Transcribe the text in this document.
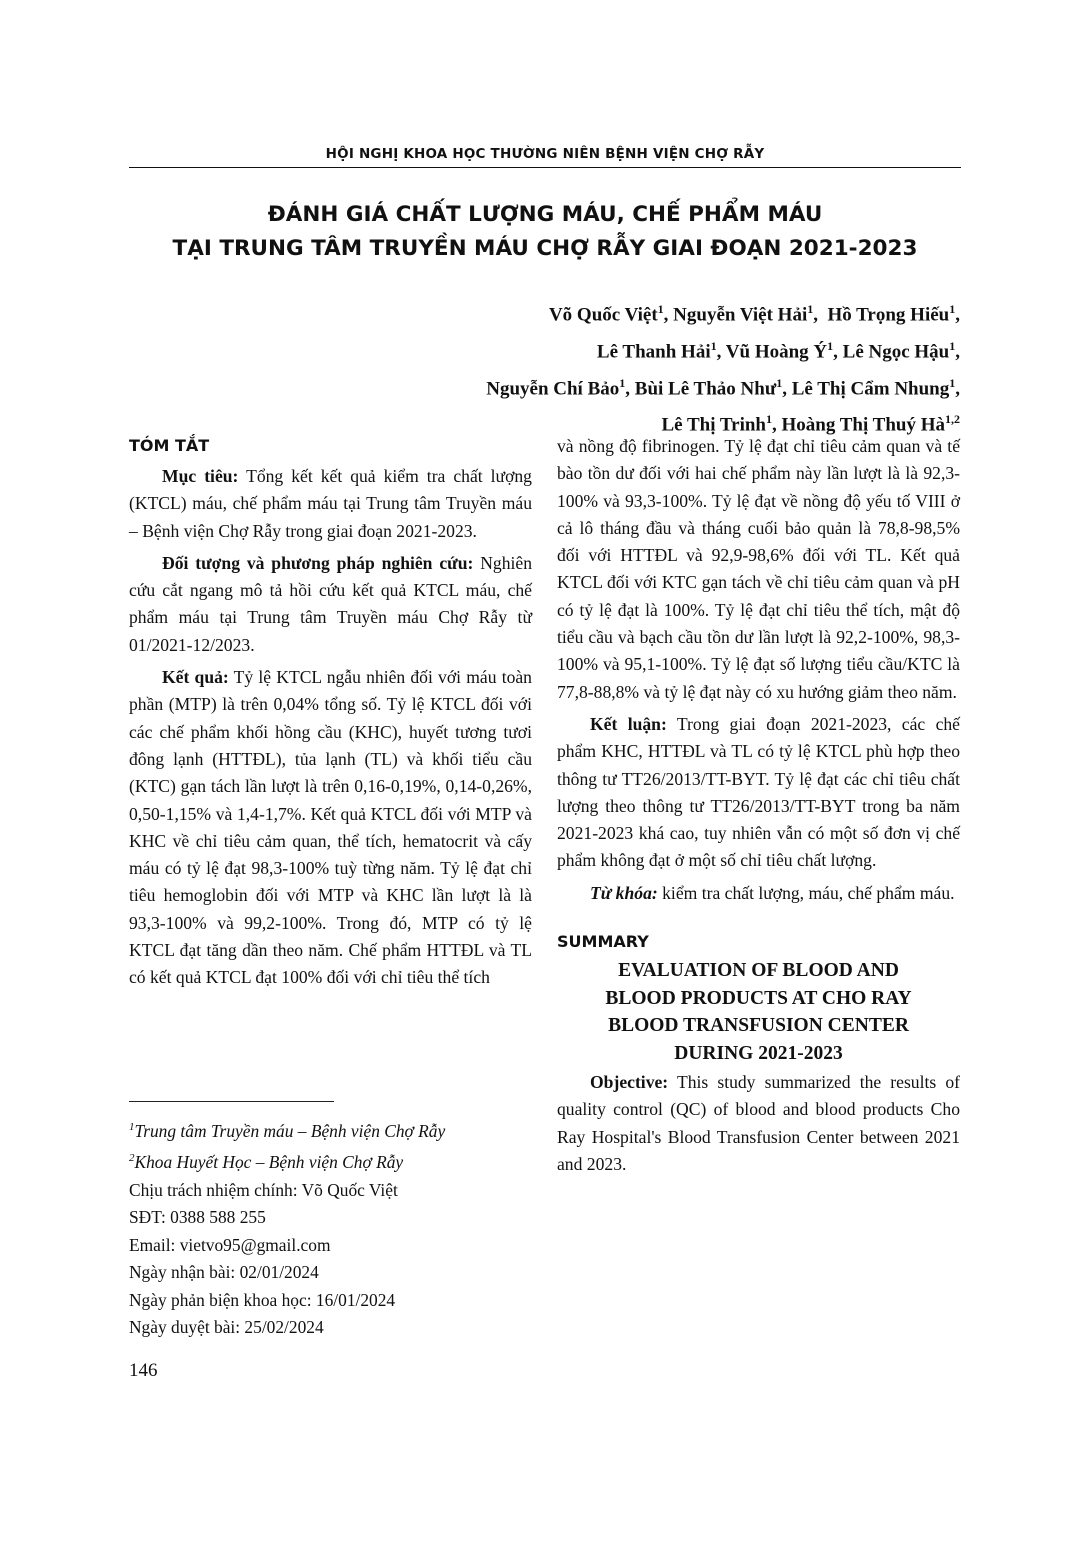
HỘI NGHỊ KHOA HỌC THƯỜNG NIÊN BỆNH VIỆN CHỢ RẪY
ĐÁNH GIÁ CHẤT LƯỢNG MÁU, CHẾ PHẨM MÁU
TẠI TRUNG TÂM TRUYỀN MÁU CHỢ RẪY GIAI ĐOẠN 2021-2023
Võ Quốc Việt$^1$, Nguyễn Việt Hải$^1$,  Hồ Trọng Hiếu$^1$,
Lê Thanh Hải$^1$, Vũ Hoàng $Ý^1$, Lê Ngọc Hậu$^1$,
Nguyễn Chí Bảo$^1$, Bùi Lê Thảo Như$^1$, Lê Thị Cẩm Nhung$^1$,
Lê Thị Trinh$^1$, Hoàng Thị Thuý Hà$^{1,2}$
TÓM TẮT

Mục tiêu: Tổng kết kết quả kiểm tra chất lượng (KTCL) máu, chế phẩm máu tại Trung tâm Truyền máu – Bệnh viện Chợ Rẫy trong giai đoạn 2021-2023.

Đối tượng và phương pháp nghiên cứu: Nghiên cứu cắt ngang mô tả hồi cứu kết quả KTCL máu, chế phẩm máu tại Trung tâm Truyền máu Chợ Rẫy từ 01/2021-12/2023.

Kết quả: Tỷ lệ KTCL ngẫu nhiên đối với máu toàn phần (MTP) là trên 0,04% tổng số. Tỷ lệ KTCL đối với các chế phẩm khối hồng cầu (KHC), huyết tương tươi đông lạnh (HTTĐL), tủa lạnh (TL) và khối tiểu cầu (KTC) gạn tách lần lượt là trên 0,16-0,19%, 0,14-0,26%, 0,50-1,15% và 1,4-1,7%. Kết quả KTCL đối với MTP và KHC về chỉ tiêu cảm quan, thể tích, hematocrit và cấy máu có tỷ lệ đạt 98,3-100% tuỳ từng năm. Tỷ lệ đạt chỉ tiêu hemoglobin đối với MTP và KHC lần lượt là là 93,3-100% và 99,2-100%. Trong đó, MTP có tỷ lệ KTCL đạt tăng dần theo năm. Chế phẩm HTTĐL và TL có kết quả KTCL đạt 100% đối với chỉ tiêu thể tích

và nồng độ fibrinogen. Tỷ lệ đạt chỉ tiêu cảm quan và tế bào tồn dư đối với hai chế phẩm này lần lượt là là 92,3-100% và 93,3-100%. Tỷ lệ đạt về nồng độ yếu tố VIII ở cả lô tháng đầu và tháng cuối bảo quản là 78,8-98,5% đối với HTTĐL và 92,9-98,6% đối với TL. Kết quả KTCL đối với KTC gạn tách về chỉ tiêu cảm quan và pH có tỷ lệ đạt là 100%. Tỷ lệ đạt chỉ tiêu thể tích, mật độ tiểu cầu và bạch cầu tồn dư lần lượt là 92,2-100%, 98,3-100% và 95,1-100%. Tỷ lệ đạt số lượng tiểu cầu/KTC là 77,8-88,8% và tỷ lệ đạt này có xu hướng giảm theo năm.

Kết luận: Trong giai đoạn 2021-2023, các chế phẩm KHC, HTTĐL và TL có tỷ lệ KTCL phù hợp theo thông tư TT26/2013/TT-BYT. Tỷ lệ đạt các chỉ tiêu chất lượng theo thông tư TT26/2013/TT-BYT trong ba năm 2021-2023 khá cao, tuy nhiên vẫn có một số đơn vị chế phẩm không đạt ở một số chỉ tiêu chất lượng.

Từ khóa: kiểm tra chất lượng, máu, chế phẩm máu.

SUMMARY
EVALUATION OF BLOOD AND
BLOOD PRODUCTS AT CHO RAY
BLOOD TRANSFUSION CENTER
DURING 2021-2023

Objective: This study summarized the results of quality control (QC) of blood and blood products Cho Ray Hospital's Blood Transfusion Center between 2021 and 2023.

$^1$Trung tâm Truyền máu – Bệnh viện Chợ Rẫy
$^2$Khoa Huyết Học – Bệnh viện Chợ Rẫy
Chịu trách nhiệm chính: Võ Quốc Việt
SĐT: 0388 588 255
Email: vietvo95@gmail.com
Ngày nhận bài: 02/01/2024
Ngày phản biện khoa học: 16/01/2024
Ngày duyệt bài: 25/02/2024
146
